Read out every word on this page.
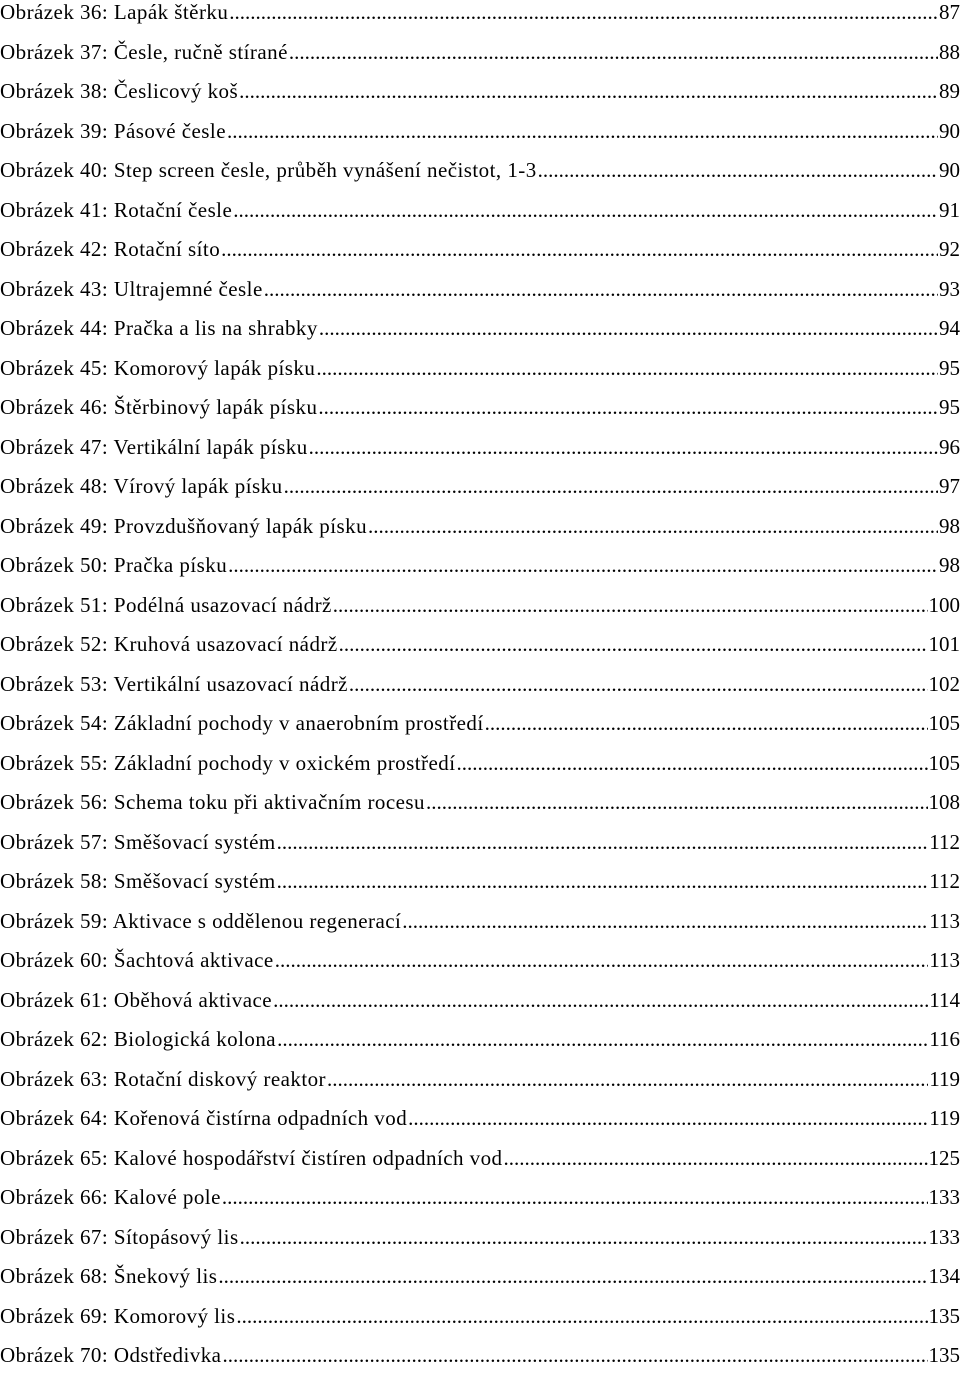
Obrázek 36: Lapák štěrku .....	87
Obrázek 37: Česle, ručně stírané .....	88
Obrázek 38: Česlicový koš .....	89
Obrázek 39: Pásové česle .....	90
Obrázek 40: Step screen česle, průběh vynášení nečistot, 1-3 .....	90
Obrázek 41: Rotační česle .....	91
Obrázek 42: Rotační síto .....	92
Obrázek 43: Ultrajemné česle .....	93
Obrázek 44: Pračka a lis na shrabky .....	94
Obrázek 45: Komorový lapák písku .....	95
Obrázek 46: Štěrbinový lapák písku .....	95
Obrázek 47: Vertikální lapák písku .....	96
Obrázek 48: Vírový lapák písku .....	97
Obrázek 49: Provzdušňovaný lapák písku .....	98
Obrázek 50: Pračka písku .....	98
Obrázek 51: Podélná usazovací nádrž .....	100
Obrázek 52: Kruhová usazovací nádrž .....	101
Obrázek 53: Vertikální usazovací nádrž .....	102
Obrázek 54: Základní pochody v anaerobním prostředí .....	105
Obrázek 55: Základní pochody v oxickém prostředí .....	105
Obrázek 56: Schema toku při aktivačním rocesu .....	108
Obrázek 57: Směšovací systém .....	112
Obrázek 58: Směšovací systém .....	112
Obrázek 59: Aktivace s oddělenou regenerací .....	113
Obrázek 60: Šachtová aktivace .....	113
Obrázek 61: Oběhová aktivace .....	114
Obrázek 62: Biologická kolona .....	116
Obrázek 63: Rotační diskový reaktor .....	119
Obrázek 64: Kořenová čistírna odpadních vod .....	119
Obrázek 65: Kalové hospodářství čistíren odpadních vod .....	125
Obrázek 66: Kalové pole .....	133
Obrázek 67: Sítopásový lis .....	133
Obrázek 68: Šnekový lis .....	134
Obrázek 69: Komorový lis .....	135
Obrázek 70: Odstředivka .....	135
